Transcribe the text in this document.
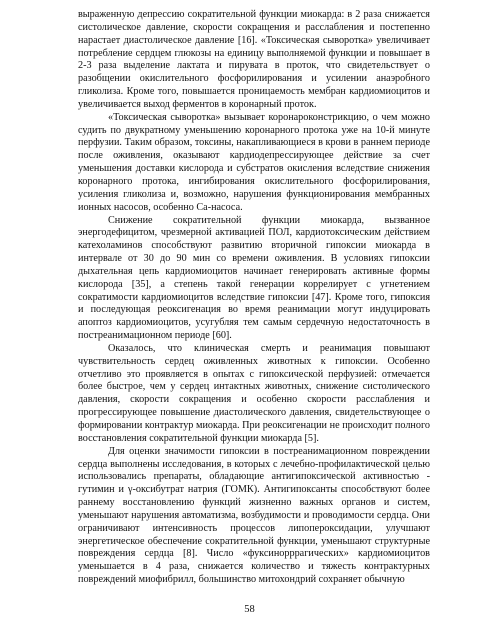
выраженную депрессию сократительной функции миокарда: в 2 раза снижается систолическое давление, скорости сокращения и расслабления и постепенно нарастает диастолическое давление [16]. «Токсическая сыворотка» увеличивает потребление сердцем глюкозы на единицу выполняемой функции и повышает в 2-3 раза выделение лактата и пирувата в проток, что свидетельствует о разобщении окислительного фосфорилирования и усилении анаэробного гликолиза. Кроме того, повышается проницаемость мембран кардиомиоцитов и увеличивается выход ферментов в коронарный проток.

«Токсическая сыворотка» вызывает коронароконстрикцию, о чем можно судить по двукратному уменьшению коронарного протока уже на 10-й минуте перфузии. Таким образом, токсины, накапливающиеся в крови в раннем периоде после оживления, оказывают кардиодепрессирующее действие за счет уменьшения доставки кислорода и субстратов окисления вследствие снижения коронарного протока, ингибирования окислительного фосфорилирования, усиления гликолиза и, возможно, нарушения функционирования мембранных ионных насосов, особенно Са-насоса.

Снижение сократительной функции миокарда, вызванное энергодефицитом, чрезмерной активацией ПОЛ, кардиотоксическим действием катехоламинов способствуют развитию вторичной гипоксии миокарда в интервале от 30 до 90 мин со времени оживления. В условиях гипоксии дыхательная цепь кардиомиоцитов начинает генерировать активные формы кислорода [35], а степень такой генерации коррелирует с угнетением сократимости кардиомиоцитов вследствие гипоксии [47]. Кроме того, гипоксия и последующая реоксигенация во время реанимации могут индуцировать апоптоз кардиомиоцитов, усугубляя тем самым сердечную недостаточность в постреанимационном периоде [60].

Оказалось, что клиническая смерть и реанимация повышают чувствительность сердец оживленных животных к гипоксии. Особенно отчетливо это проявляется в опытах с гипоксической перфузией: отмечается более быстрое, чем у сердец интактных животных, снижение систолического давления, скорости сокращения и особенно скорости расслабления и прогрессирующее повышение диастолического давления, свидетельствующее о формировании контрактур миокарда. При реоксигенации не происходит полного восстановления сократительной функции миокарда [5].

Для оценки значимости гипоксии в постреанимационном повреждении сердца выполнены исследования, в которых с лечебно-профилактической целью использовались препараты, обладающие антигипоксической активностью - гутимин и γ-оксибутрат натрия (ГОМК). Антигипоксанты способствуют более раннему восстановлению функций жизненно важных органов и систем, уменьшают нарушения автоматизма, возбудимости и проводимости сердца. Они ограничивают интенсивность процессов липопероксидации, улучшают энергетическое обеспечение сократительной функции, уменьшают структурные повреждения сердца [8]. Число «фуксинорррагических» кардиомиоцитов уменьшается в 4 раза, снижается количество и тяжесть контрактурных повреждений миофибрилл, большинство митохондрий сохраняет обычную

58
